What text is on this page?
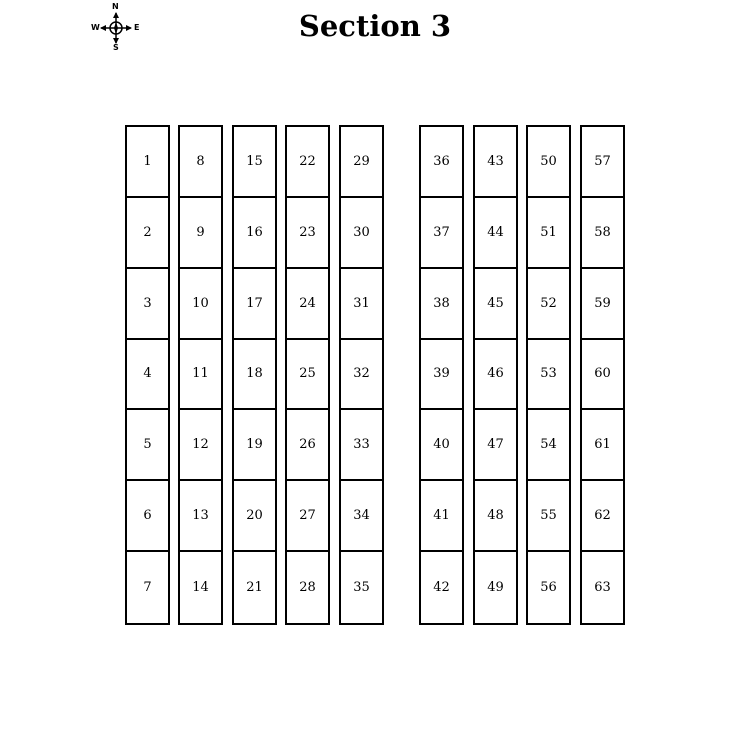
Section 3
N
S
W	E
1
2
3
4
5
6
7
8
9
10
11
12
13
14
15
16
17
18
19
20
21
22
23
24
25
26
27
28
29
30
31
32
33
34
35
36
37
38
39
40
41
42
43
44
45
46
47
48
49
50
51
52
53
54
55
56
57
58
59
60
61
62
63
